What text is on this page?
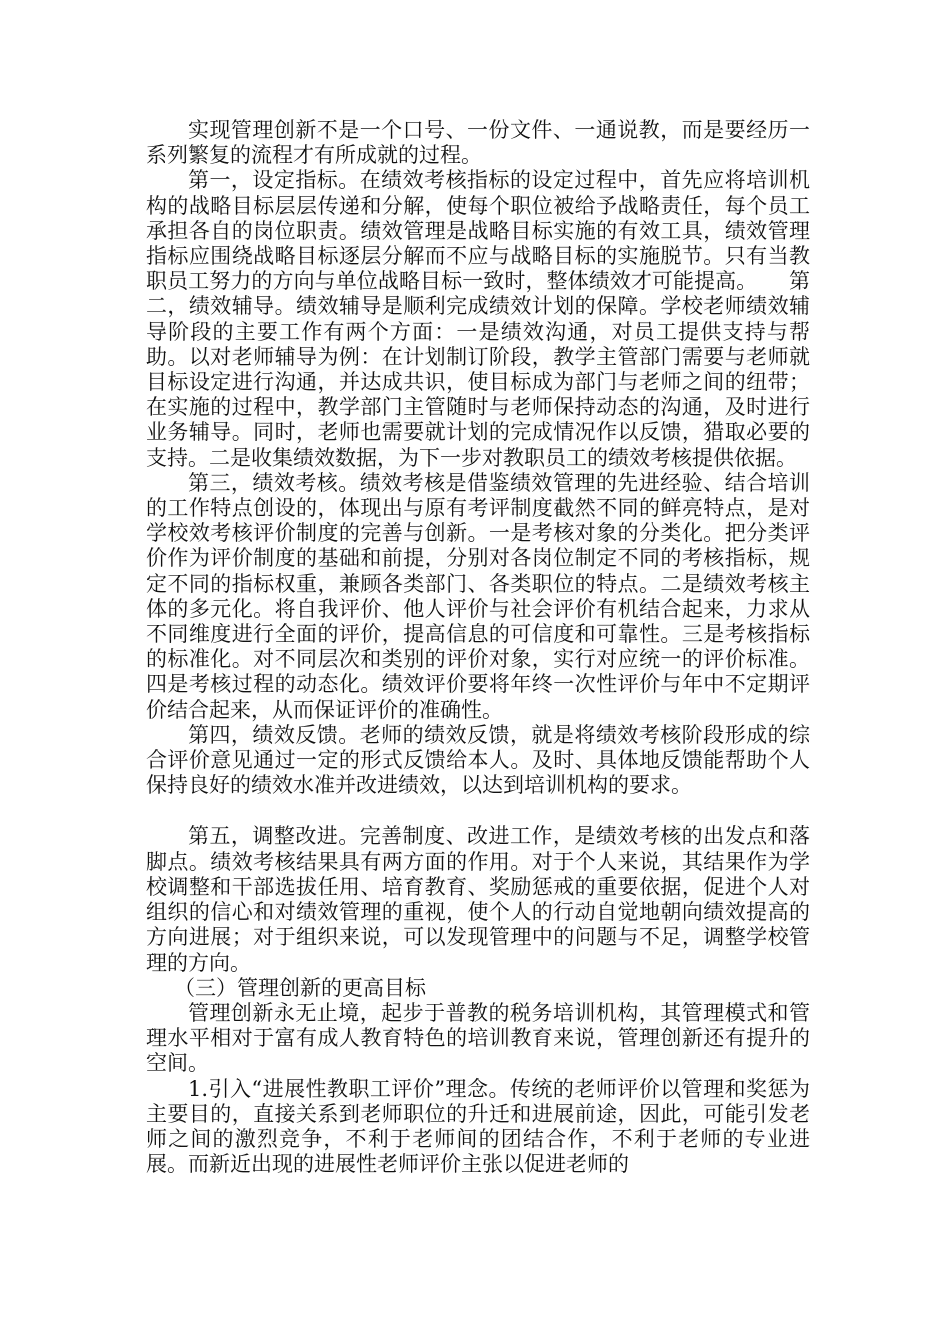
实现管理创新不是一个口号、一份文件、一通说教，而是要经历一系列繁复的流程才有所成就的过程。

第一，设定指标。在绩效考核指标的设定过程中，首先应将培训机构的战略目标层层传递和分解，使每个职位被给予战略责任，每个员工承担各自的岗位职责。绩效管理是战略目标实施的有效工具，绩效管理指标应围绕战略目标逐层分解而不应与战略目标的实施脱节。只有当教职员工努力的方向与单位战略目标一致时，整体绩效才可能提高。　　第二，绩效辅导。绩效辅导是顺利完成绩效计划的保障。学校老师绩效辅导阶段的主要工作有两个方面：一是绩效沟通，对员工提供支持与帮助。以对老师辅导为例：在计划制订阶段，教学主管部门需要与老师就目标设定进行沟通，并达成共识，使目标成为部门与老师之间的纽带；在实施的过程中，教学部门主管随时与老师保持动态的沟通，及时进行业务辅导。同时，老师也需要就计划的完成情况作以反馈，猎取必要的支持。二是收集绩效数据，为下一步对教职员工的绩效考核提供依据。

第三，绩效考核。绩效考核是借鉴绩效管理的先进经验、结合培训的工作特点创设的，体现出与原有考评制度截然不同的鲜亮特点，是对学校效考核评价制度的完善与创新。一是考核对象的分类化。把分类评价作为评价制度的基础和前提，分别对各岗位制定不同的考核指标，规定不同的指标权重，兼顾各类部门、各类职位的特点。二是绩效考核主体的多元化。将自我评价、他人评价与社会评价有机结合起来，力求从不同维度进行全面的评价，提高信息的可信度和可靠性。三是考核指标的标准化。对不同层次和类别的评价对象，实行对应统一的评价标准。四是考核过程的动态化。绩效评价要将年终一次性评价与年中不定期评价结合起来，从而保证评价的准确性。

第四，绩效反馈。老师的绩效反馈，就是将绩效考核阶段形成的综合评价意见通过一定的形式反馈给本人。及时、具体地反馈能帮助个人保持良好的绩效水准并改进绩效，以达到培训机构的要求。

第五，调整改进。完善制度、改进工作，是绩效考核的出发点和落脚点。绩效考核结果具有两方面的作用。对于个人来说，其结果作为学校调整和干部选拔任用、培育教育、奖励惩戒的重要依据，促进个人对组织的信心和对绩效管理的重视，使个人的行动自觉地朝向绩效提高的方向进展；对于组织来说，可以发现管理中的问题与不足，调整学校管理的方向。

（三）管理创新的更高目标

管理创新永无止境，起步于普教的税务培训机构，其管理模式和管理水平相对于富有成人教育特色的培训教育来说，管理创新还有提升的空间。

1.引入“进展性教职工评价”理念。传统的老师评价以管理和奖惩为主要目的，直接关系到老师职位的升迁和进展前途，因此，可能引发老师之间的激烈竞争，不利于老师间的团结合作，不利于老师的专业进展。而新近出现的进展性老师评价主张以促进老师的
